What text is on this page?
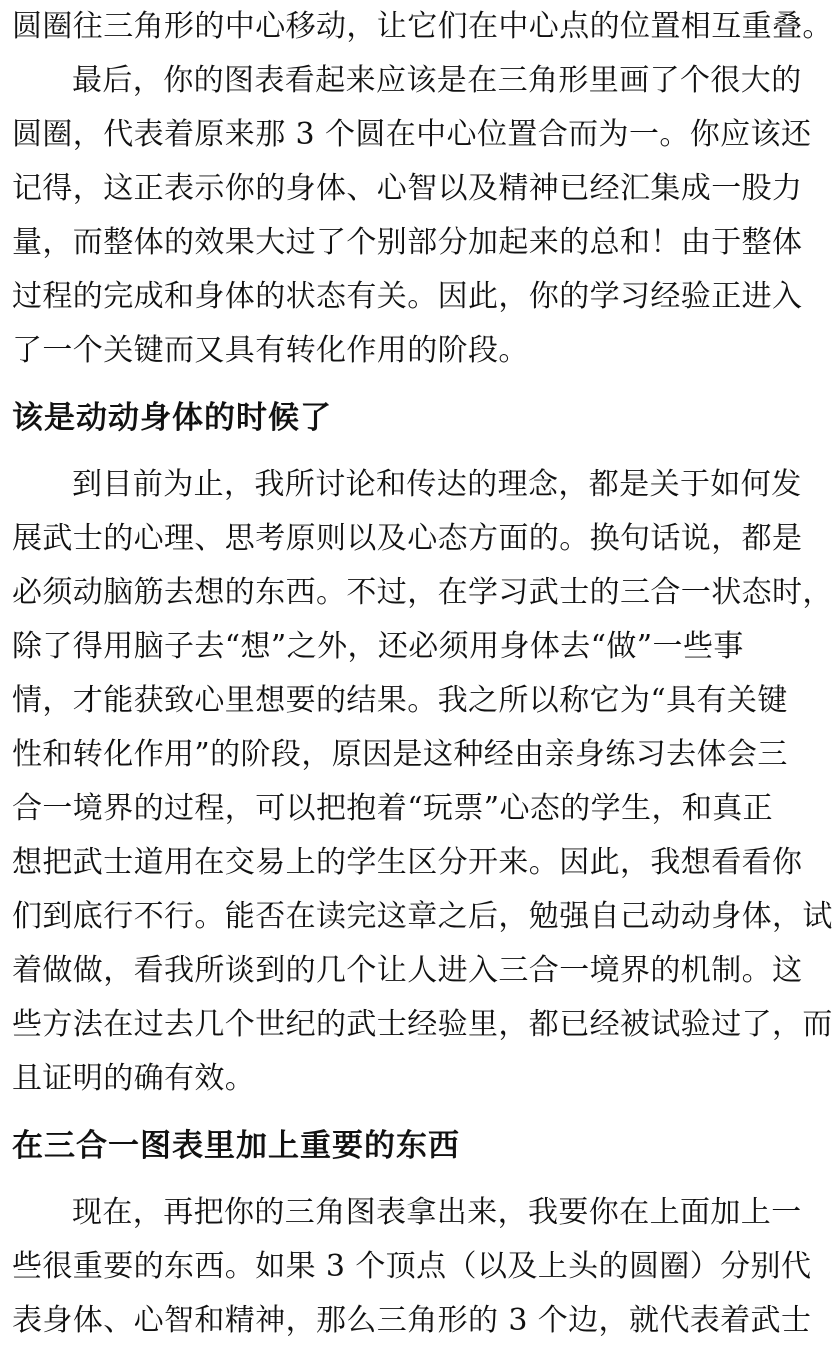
圆圈往三角形的中心移动，让它们在中心点的位置相互重叠。
最后，你的图表看起来应该是在三角形里画了个很大的
圆圈，代表着原来那 3 个圆在中心位置合而为一。你应该还
记得，这正表示你的身体、心智以及精神已经汇集成一股力
量，而整体的效果大过了个别部分加起来的总和！由于整体
过程的完成和身体的状态有关。因此，你的学习经验正进入
了一个关键而又具有转化作用的阶段。
该是动动身体的时候了
到目前为止，我所讨论和传达的理念，都是关于如何发
展武士的心理、思考原则以及心态方面的。换句话说，都是
必须动脑筋去想的东西。不过，在学习武士的三合一状态时，
除了得用脑子去“想”之外，还必须用身体去“做”一些事
情，才能获致心里想要的结果。我之所以称它为“具有关键
性和转化作用”的阶段，原因是这种经由亲身练习去体会三
合一境界的过程，可以把抱着“玩票”心态的学生，和真正
想把武士道用在交易上的学生区分开来。因此，我想看看你
们到底行不行。能否在读完这章之后，勉强自己动动身体，试
着做做，看我所谈到的几个让人进入三合一境界的机制。这
些方法在过去几个世纪的武士经验里，都已经被试验过了，而
且证明的确有效。
在三合一图表里加上重要的东西
现在，再把你的三角图表拿出来，我要你在上面加上一
些很重要的东西。如果 3 个顶点（以及上头的圆圈）分别代
表身体、心智和精神，那么三角形的 3 个边，就代表着武士
